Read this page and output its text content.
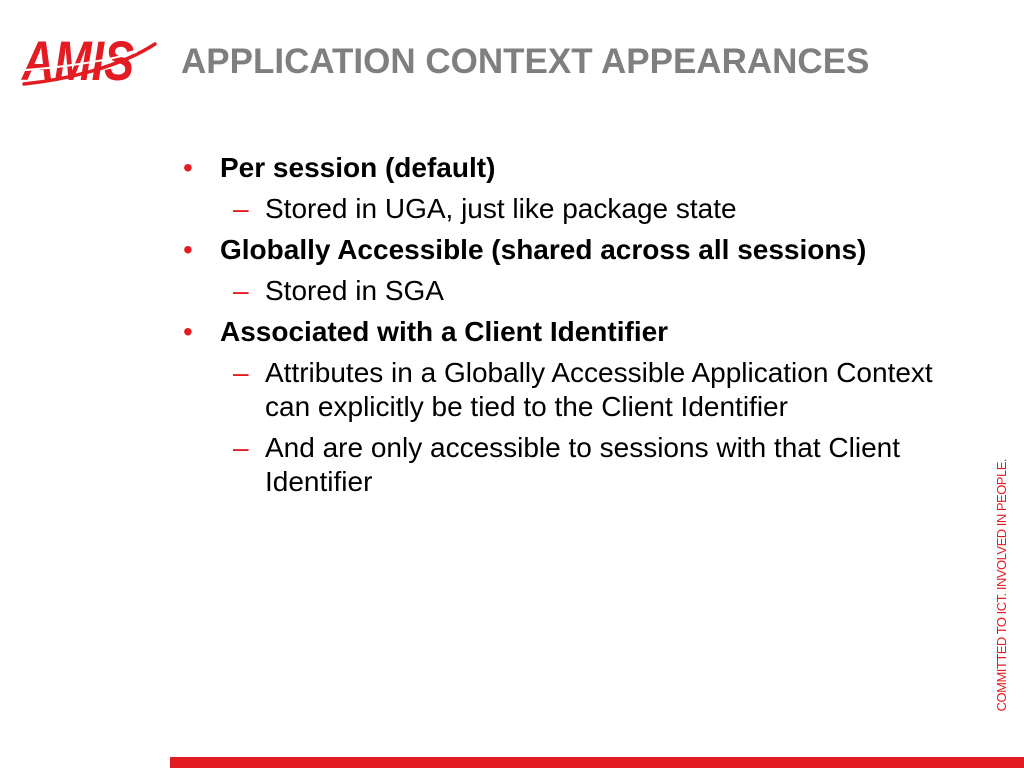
AMIS APPLICATION CONTEXT APPEARANCES
• Per session (default)
– Stored in UGA, just like package state
• Globally Accessible (shared across all sessions)
– Stored in SGA
• Associated with a Client Identifier
– Attributes in a Globally Accessible Application Context can explicitly be tied to the Client Identifier
– And are only accessible to sessions with that Client Identifier	COMMITTED TO ICT. INVOLVED IN PEOPLE.
